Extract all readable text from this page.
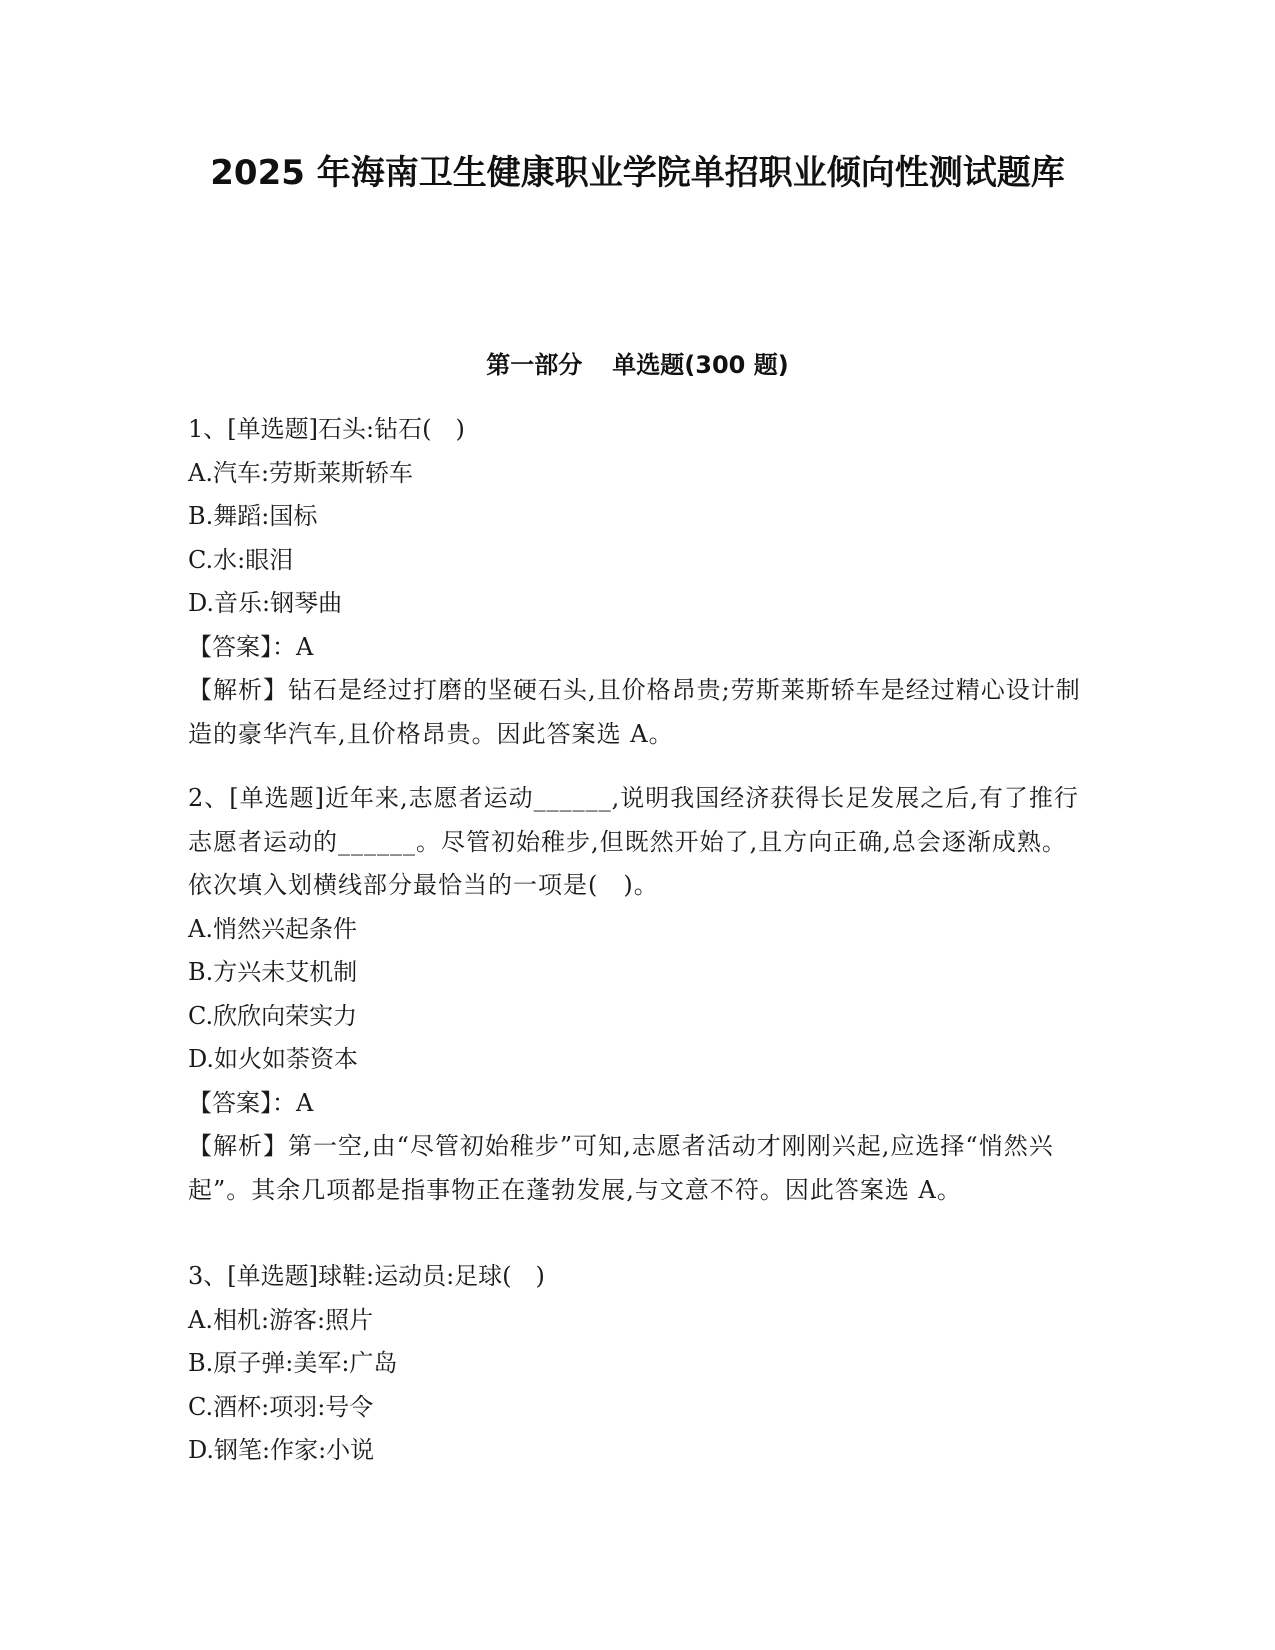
2025 年海南卫生健康职业学院单招职业倾向性测试题库
第一部分 单选题(300 题)
1、[单选题]石头:钻石(　)
A.汽车:劳斯莱斯轿车
B.舞蹈:国标
C.水:眼泪
D.音乐:钢琴曲
【答案】：A
【解析】钻石是经过打磨的坚硬石头,且价格昂贵;劳斯莱斯轿车是经过精心设计制造的豪华汽车,且价格昂贵。因此答案选 A。
2、[单选题]近年来,志愿者运动______,说明我国经济获得长足发展之后,有了推行志愿者运动的______。尽管初始稚步,但既然开始了,且方向正确,总会逐渐成熟。依次填入划横线部分最恰当的一项是(　)。
A.悄然兴起条件
B.方兴未艾机制
C.欣欣向荣实力
D.如火如荼资本
【答案】：A
【解析】第一空,由“尽管初始稚步”可知,志愿者活动才刚刚兴起,应选择“悄然兴起”。其余几项都是指事物正在蓬勃发展,与文意不符。因此答案选 A。
3、[单选题]球鞋:运动员:足球(　)
A.相机:游客:照片
B.原子弹:美军:广岛
C.酒杯:项羽:号令
D.钢笔:作家:小说
